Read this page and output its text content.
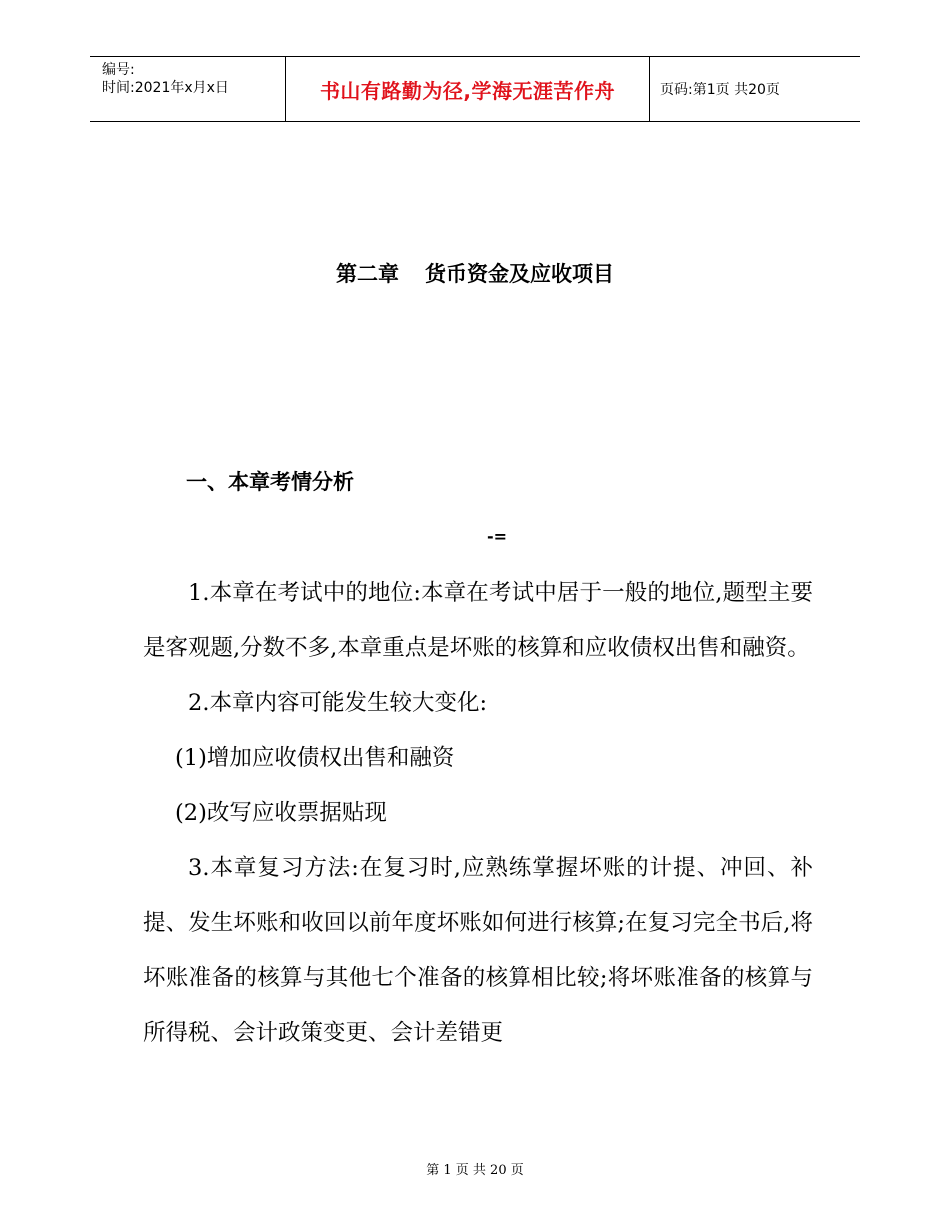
编号:
时间:2021年x月x日	书山有路勤为径,学海无涯苦作舟	页码:第1页 共20页
第二章 货币资金及应收项目
一、本章考情分析
-=

1.本章在考试中的地位:本章在考试中居于一般的地位,题型主要是客观题,分数不多,本章重点是坏账的核算和应收债权出售和融资。

2.本章内容可能发生较大变化:

(1)增加应收债权出售和融资

(2)改写应收票据贴现

3.本章复习方法:在复习时,应熟练掌握坏账的计提、冲回、补提、发生坏账和收回以前年度坏账如何进行核算;在复习完全书后,将坏账准备的核算与其他七个准备的核算相比较;将坏账准备的核算与所得税、会计政策变更、会计差错更

第 1 页 共 20 页
